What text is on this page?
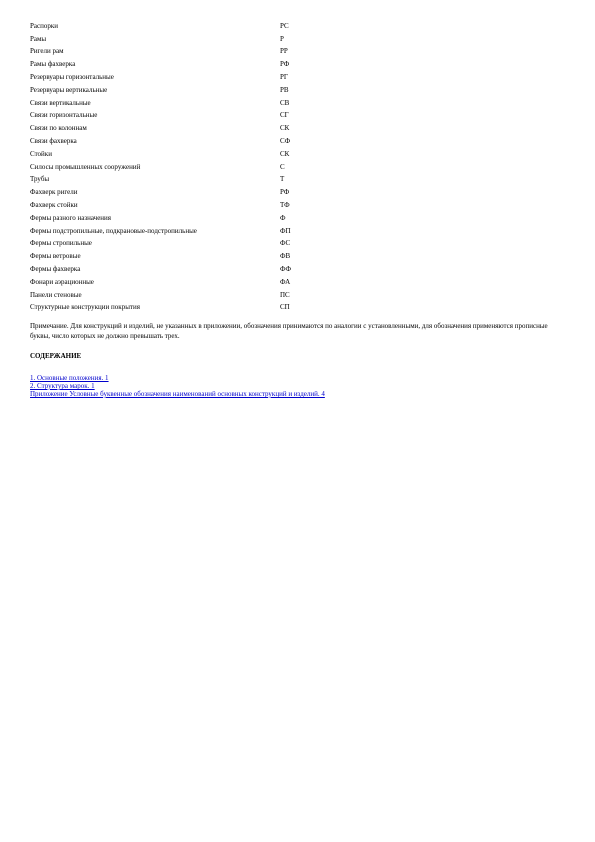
Распорки	РС
Рамы	Р
Ригели рам	РР
Рамы фахверка	РФ
Резервуары горизонтальные	РГ
Резервуары вертикальные	РВ
Связи вертикальные	СВ
Связи горизонтальные	СГ
Связи по колоннам	СК
Связи фахверка	СФ
Стойки	СК
Силосы промышленных сооружений	С
Трубы	Т
Фахверк ригели	РФ
Фахверк стойки	ТФ
Фермы разного назначения	Ф
Фермы подстропильные, подкрановые-подстропильные	ФП
Фермы стропильные	ФС
Фермы ветровые	ФВ
Фермы фахверка	ФФ
Фонари аэрационные	ФА
Панели стеновые	ПС
Структурные конструкции покрытия	СП

Примечание. Для конструкций и изделий, не указанных в приложении, обозначения принимаются по аналогии с установленными, для обозначения применяются прописные буквы, число которых не должно превышать трех.

СОДЕРЖАНИЕ

1. Основные положения. 1
2. Структура марок. 1
Приложение Условные буквенные обозначения наименований основных конструкций и изделий. 4
